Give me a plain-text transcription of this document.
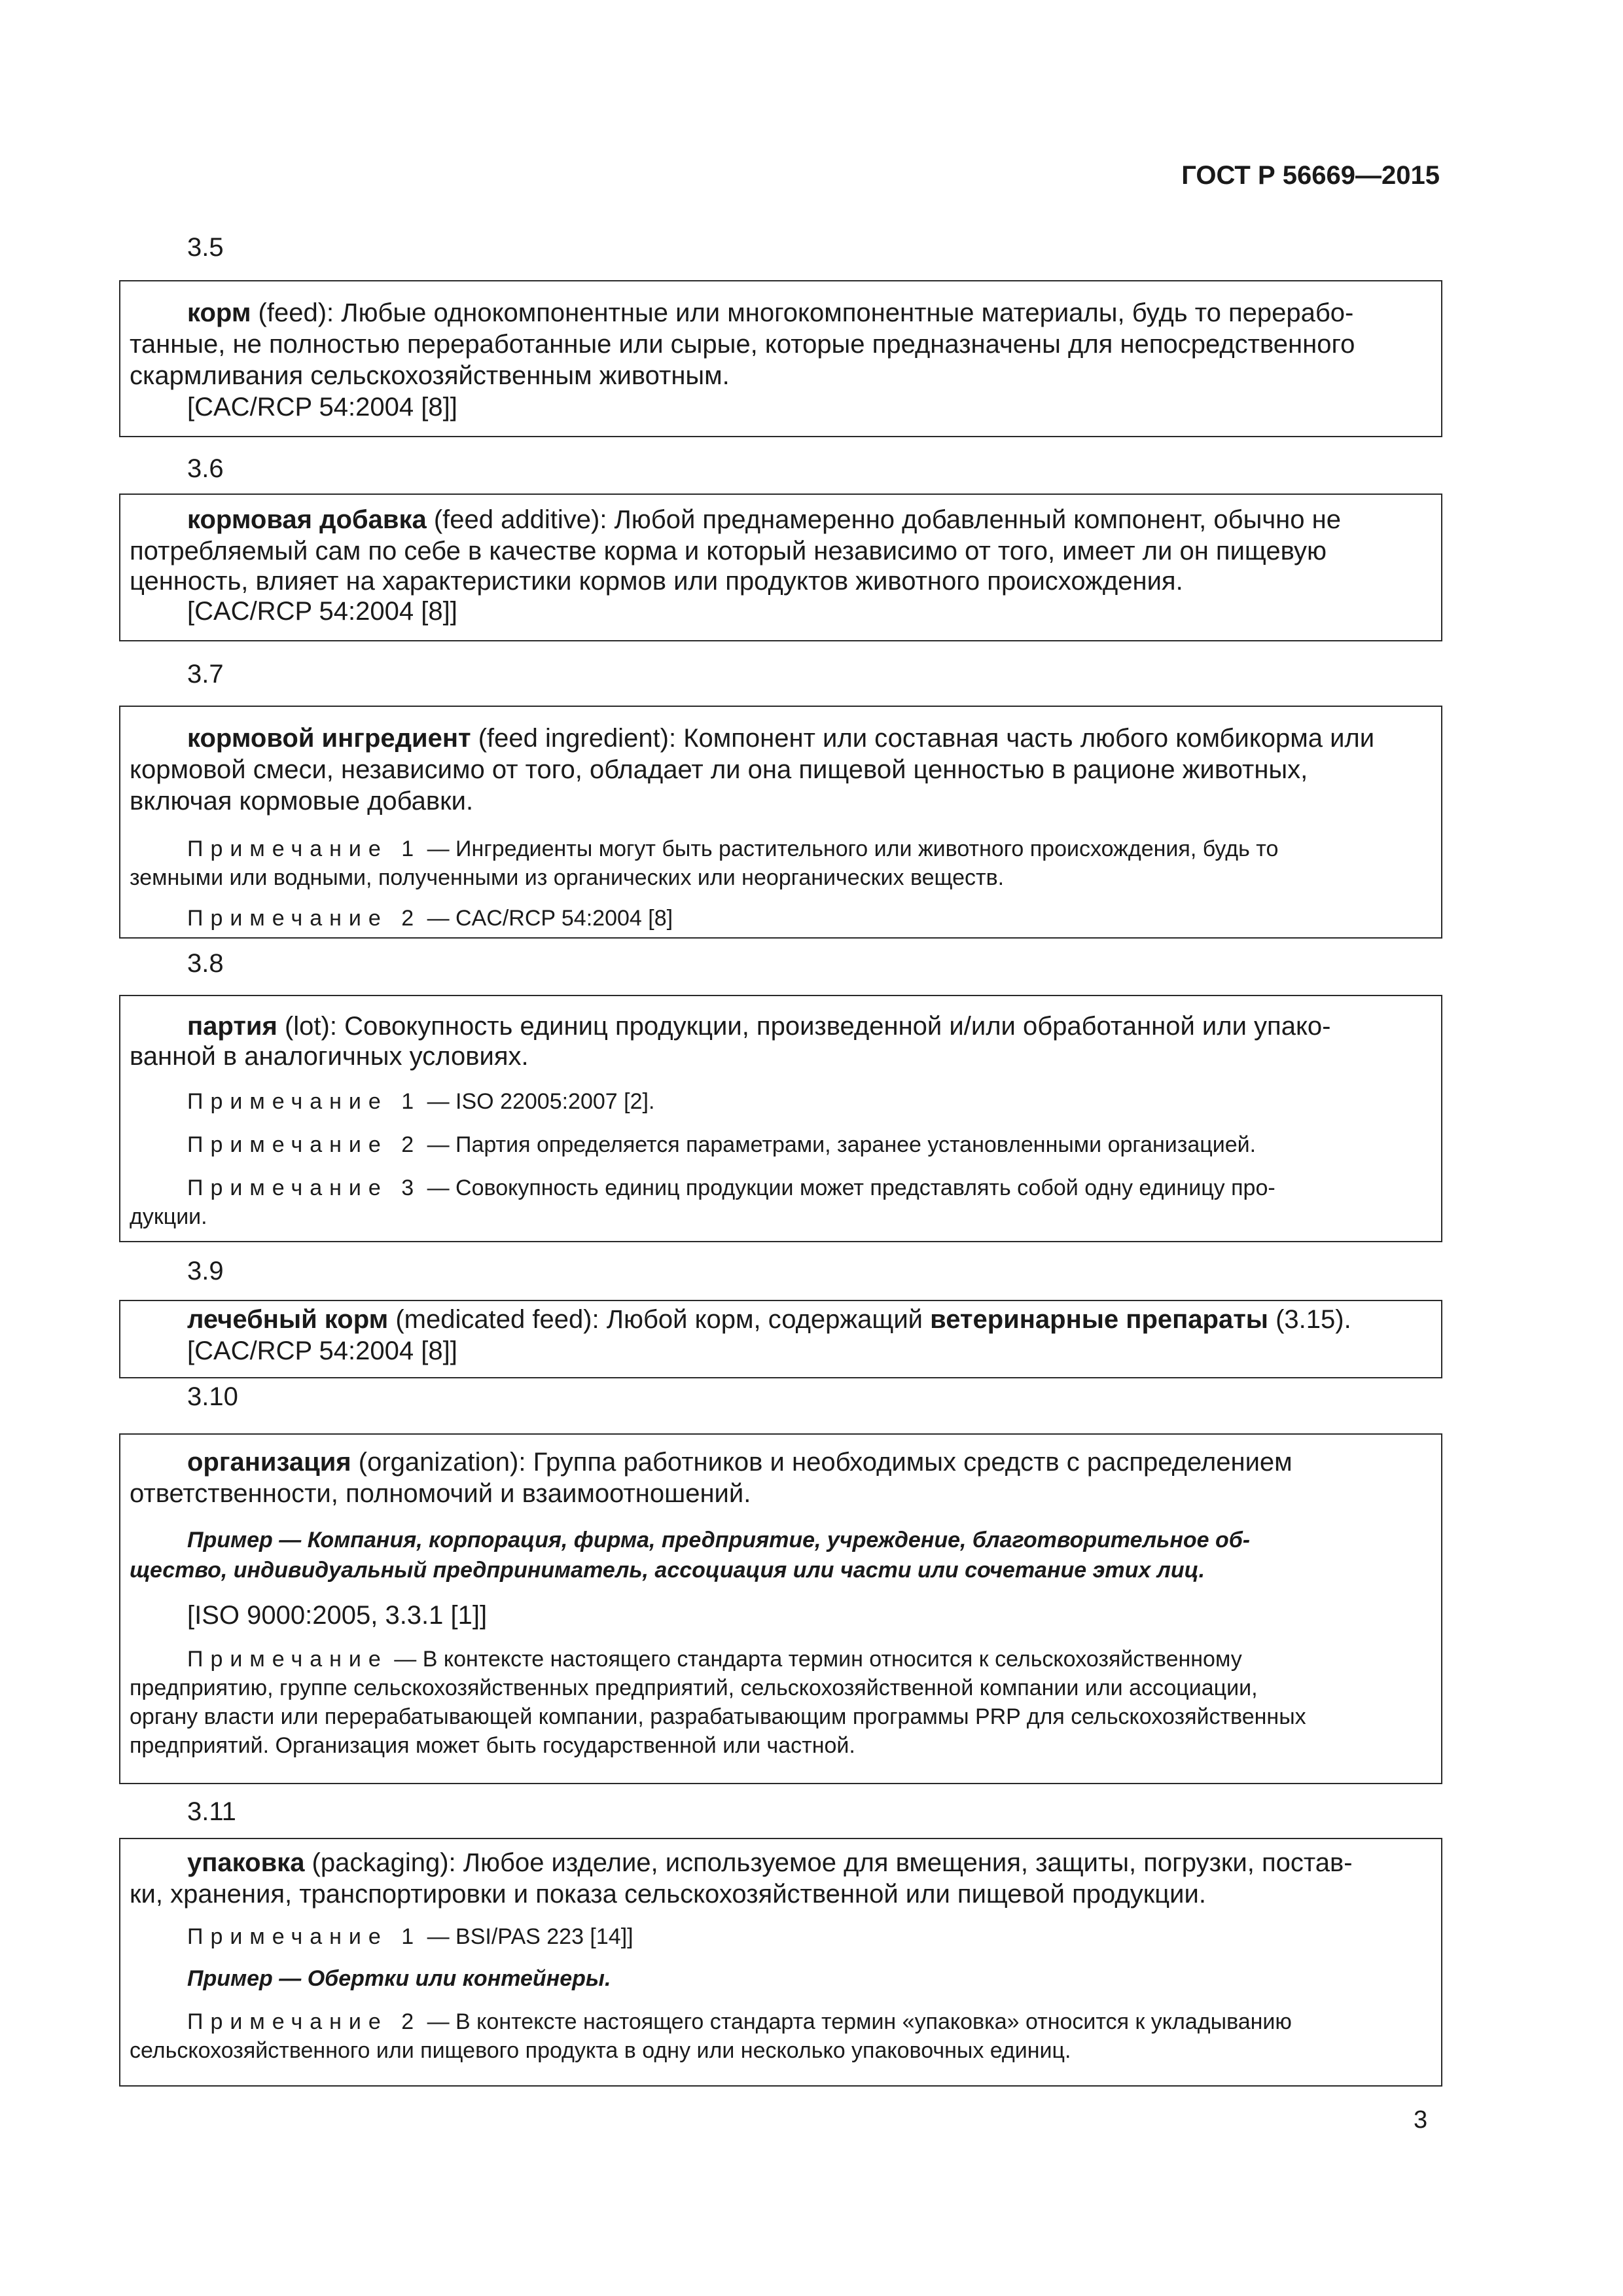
ГОСТ Р 56669—2015
3.5
корм (feed): Любые однокомпонентные или многокомпонентные материалы, будь то перерабо-
танные, не полностью переработанные или сырые, которые предназначены для непосредственного
скармливания сельскохозяйственным животным.
[CAC/RCP 54:2004 [8]]
3.6
кормовая добавка (feed additive): Любой преднамеренно добавленный компонент, обычно не
потребляемый сам по себе в качестве корма и который независимо от того, имеет ли он пищевую
ценность, влияет на характеристики кормов или продуктов животного происхождения.
[CAC/RCP 54:2004 [8]]
3.7
кормовой ингредиент (feed ingredient): Компонент или составная часть любого комбикорма или
кормовой смеси, независимо от того, обладает ли она пищевой ценностью в рационе животных,
включая кормовые добавки.
Примечание 1 — Ингредиенты могут быть растительного или животного происхождения, будь то
земными или водными, полученными из органических или неорганических веществ.
Примечание 2 — CAC/RCP 54:2004 [8]
3.8
партия (lot): Совокупность единиц продукции, произведенной и/или обработанной или упако-
ванной в аналогичных условиях.
Примечание 1 — ISO 22005:2007 [2].
Примечание 2 — Партия определяется параметрами, заранее установленными организацией.
Примечание 3 — Совокупность единиц продукции может представлять собой одну единицу про-
дукции.
3.9
лечебный корм (medicated feed): Любой корм, содержащий ветеринарные препараты (3.15).
[CAC/RCP 54:2004 [8]]
3.10
организация (organization): Группа работников и необходимых средств с распределением
ответственности, полномочий и взаимоотношений.
Пример — Компания, корпорация, фирма, предприятие, учреждение, благотворительное об-
щество, индивидуальный предприниматель, ассоциация или части или сочетание этих лиц.
[ISO 9000:2005, 3.3.1 [1]]
Примечание — В контексте настоящего стандарта термин относится к сельскохозяйственному
предприятию, группе сельскохозяйственных предприятий, сельскохозяйственной компании или ассоциации,
органу власти или перерабатывающей компании, разрабатывающим программы PRP для сельскохозяйственных
предприятий. Организация может быть государственной или частной.
3.11
упаковка (packaging): Любое изделие, используемое для вмещения, защиты, погрузки, постав-
ки, хранения, транспортировки и показа сельскохозяйственной или пищевой продукции.
Примечание 1 — BSI/PAS 223 [14]]
Пример — Обертки или контейнеры.
Примечание 2 — В контексте настоящего стандарта термин «упаковка» относится к укладыванию
сельскохозяйственного или пищевого продукта в одну или несколько упаковочных единиц.
3
